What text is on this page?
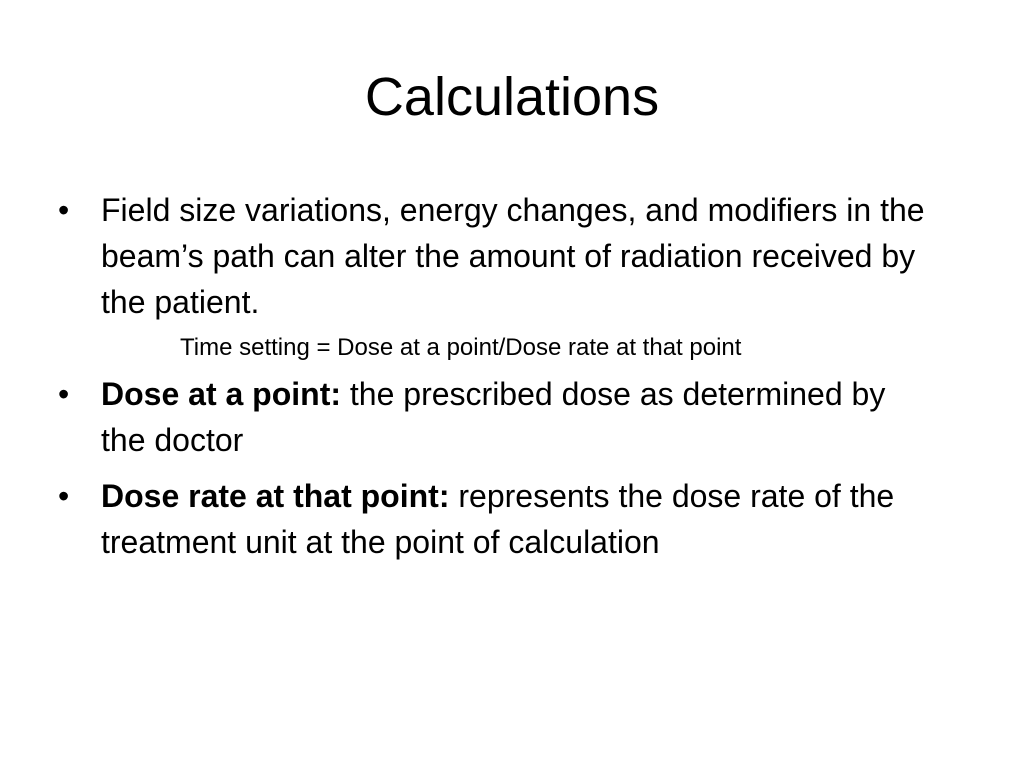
Calculations

• Field size variations, energy changes, and modifiers in the beam’s path can alter the amount of radiation received by the patient.

Time setting = Dose at a point/Dose rate at that point

• Dose at a point: the prescribed dose as determined by the doctor

• Dose rate at that point: represents the dose rate of the treatment unit at the point of calculation
